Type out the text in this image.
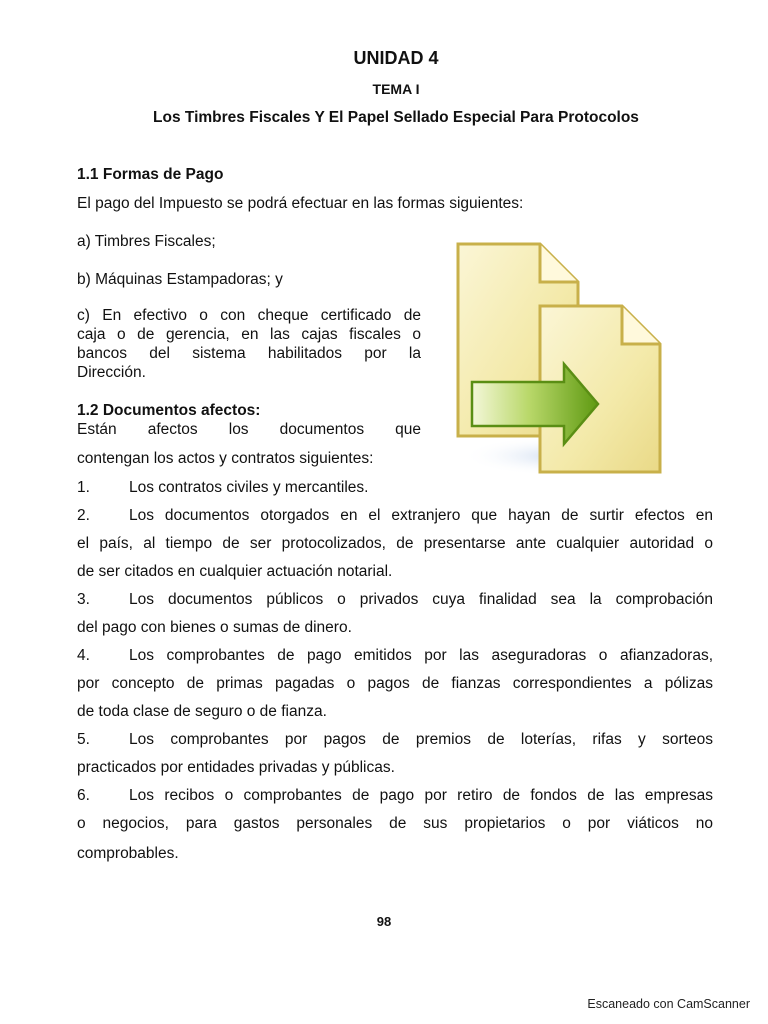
UNIDAD 4
TEMA I
Los Timbres Fiscales Y El Papel Sellado Especial Para Protocolos
1.1 Formas de Pago
El pago del Impuesto se podrá efectuar en las formas siguientes:
a) Timbres Fiscales;
b) Máquinas Estampadoras; y
c) En efectivo o con cheque certificado de
caja o de gerencia, en las cajas fiscales o
bancos del sistema habilitados por la
Dirección.
1.2 Documentos afectos:
Están afectos los documentos que
contengan los actos y contratos siguientes:
1.	Los contratos civiles y mercantiles.
2.	Los documentos otorgados en el extranjero que hayan de surtir efectos en
el país, al tiempo de ser protocolizados, de presentarse ante cualquier autoridad o
de ser citados en cualquier actuación notarial.
3.	Los documentos públicos o privados cuya finalidad sea la comprobación
del pago con bienes o sumas de dinero.
4.	Los comprobantes de pago emitidos por las aseguradoras o afianzadoras,
por concepto de primas pagadas o pagos de fianzas correspondientes a pólizas
de toda clase de seguro o de fianza.
5.	Los comprobantes por pagos de premios de loterías, rifas y sorteos
practicados por entidades privadas y públicas.
6.	Los recibos o comprobantes de pago por retiro de fondos de las empresas
o negocios, para gastos personales de sus propietarios o por viáticos no
comprobables.
98
Escaneado con CamScanner
